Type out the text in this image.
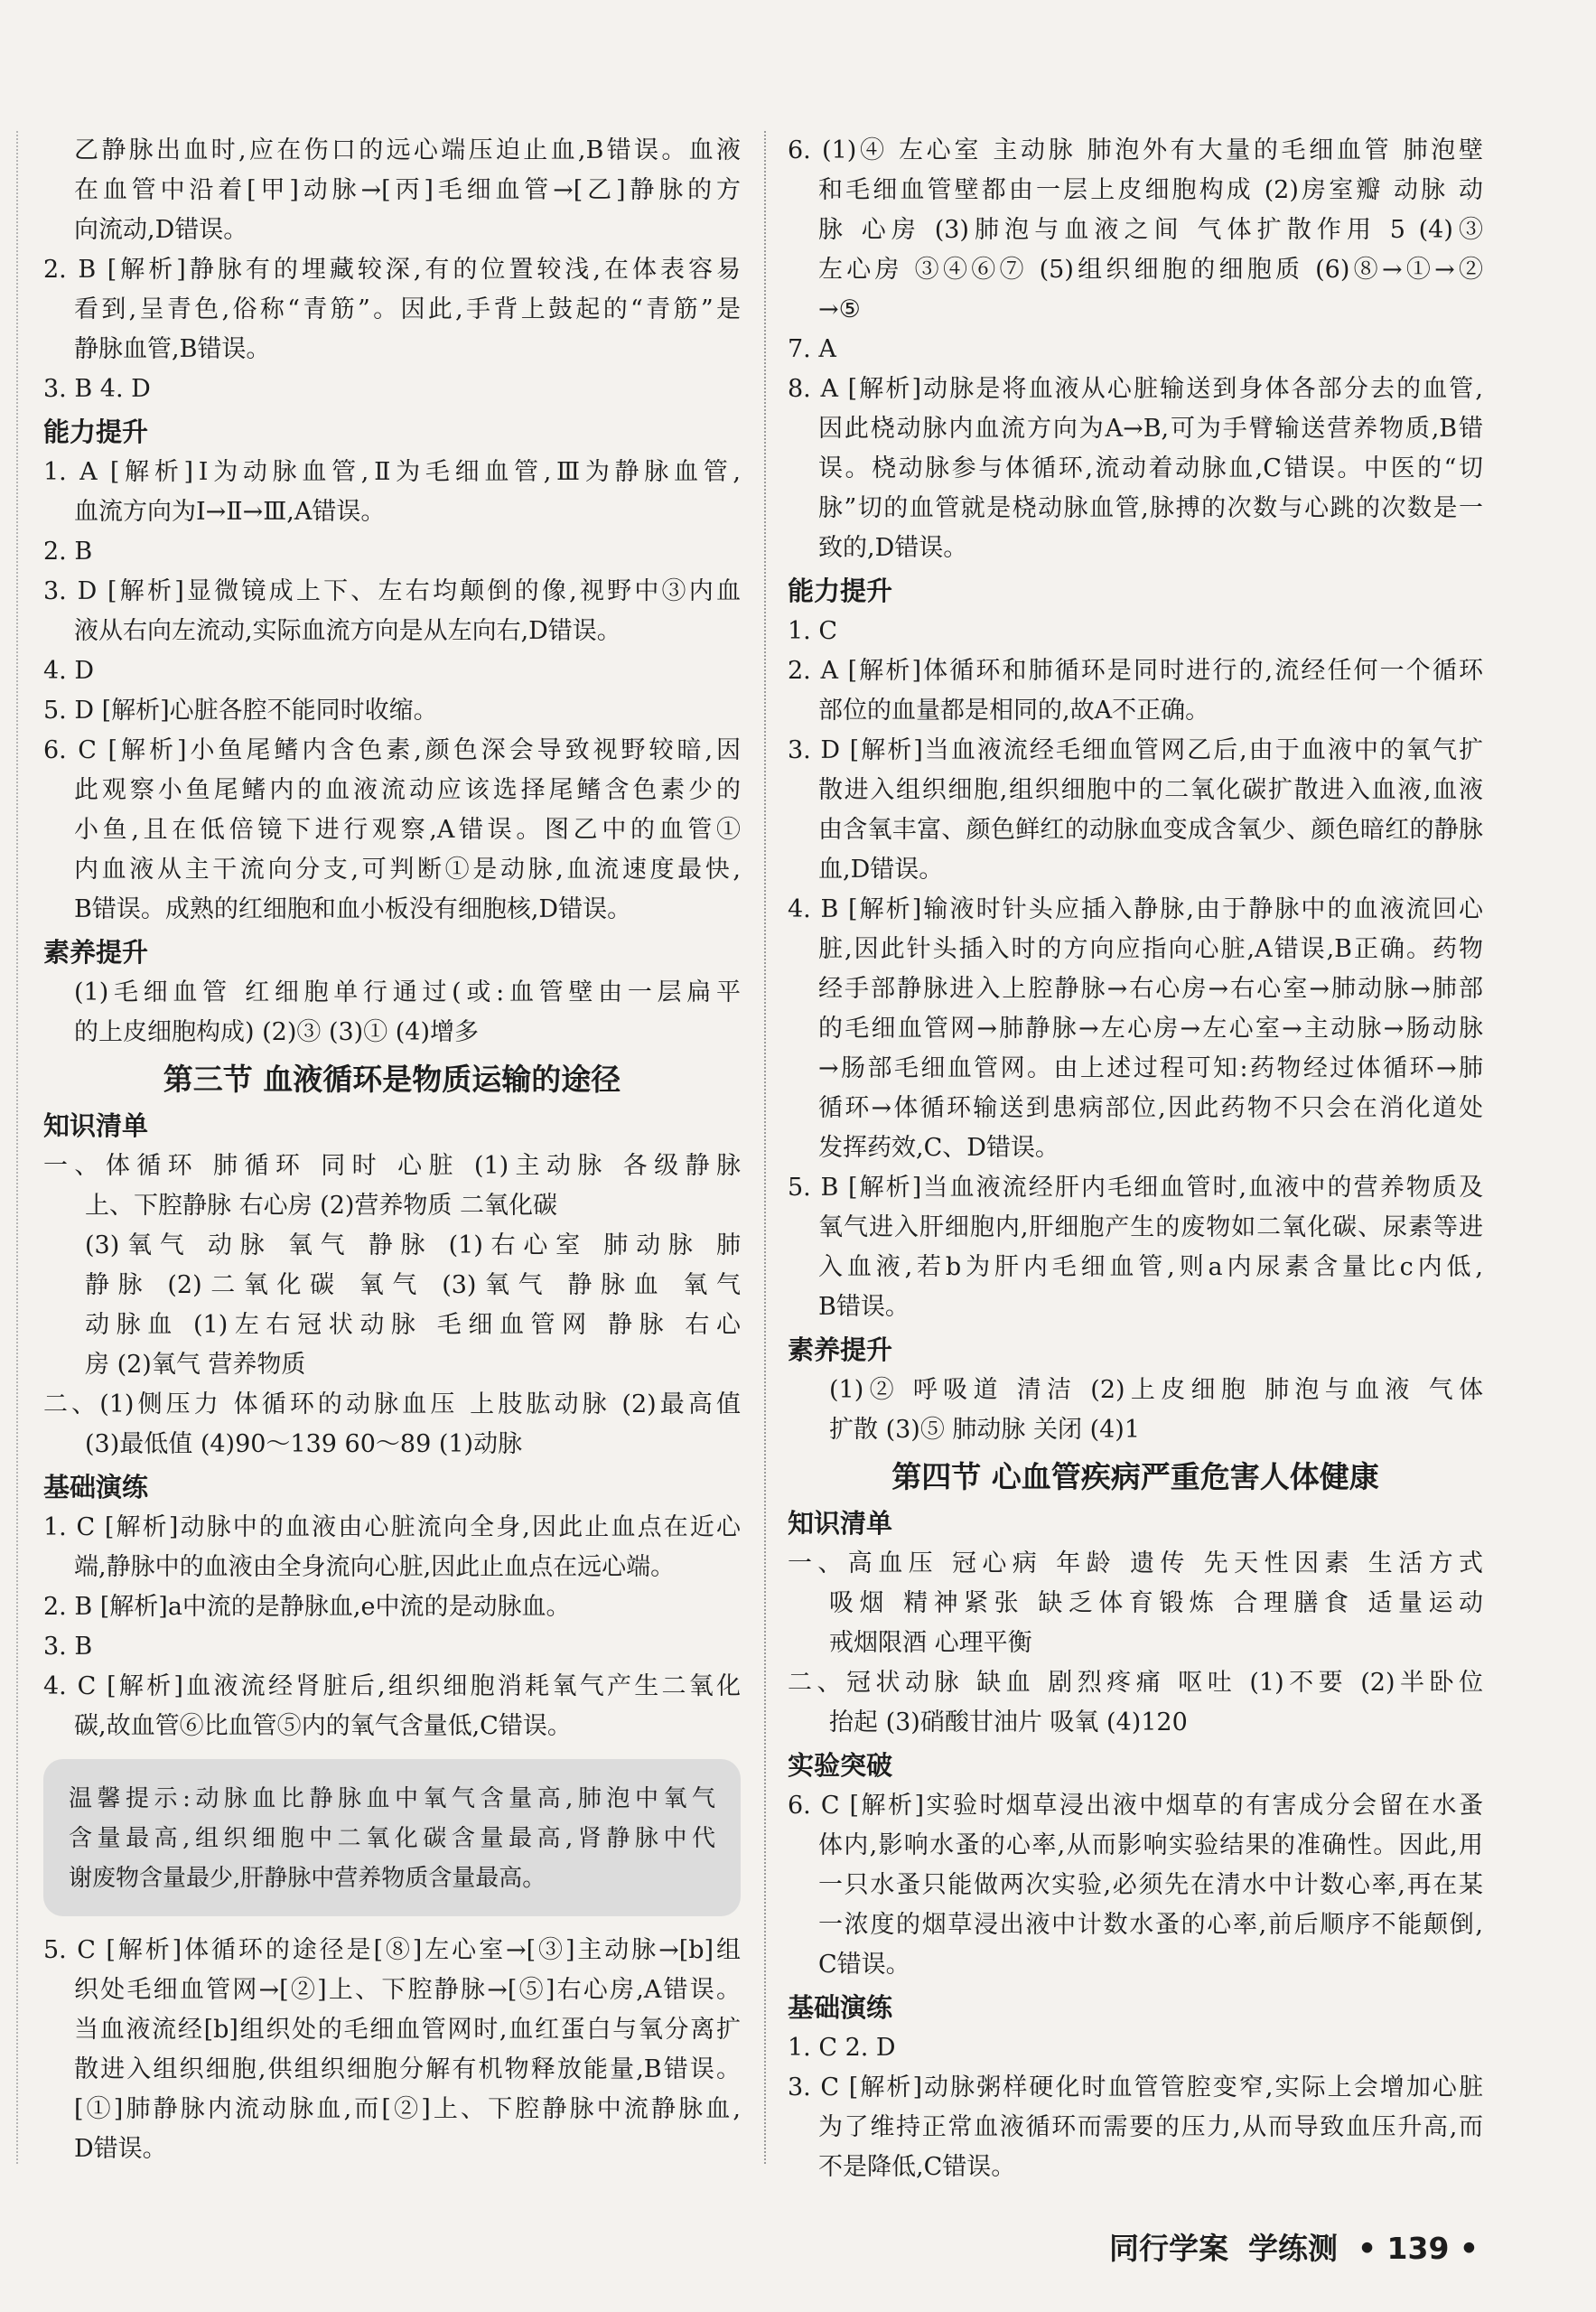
乙静脉出血时,应在伤口的远心端压迫止血,B错误。血液
在血管中沿着[甲]动脉→[丙]毛细血管→[乙]静脉的方
向流动,D错误。
2. B [解析]静脉有的埋藏较深,有的位置较浅,在体表容易
看到,呈青色,俗称“青筋”。因此,手背上鼓起的“青筋”是
静脉血管,B错误。
3. B 4. D
能力提升
1. A [解析]Ⅰ为动脉血管,Ⅱ为毛细血管,Ⅲ为静脉血管,
血流方向为Ⅰ→Ⅱ→Ⅲ,A错误。
2. B
3. D [解析]显微镜成上下、左右均颠倒的像,视野中③内血
液从右向左流动,实际血流方向是从左向右,D错误。
4. D
5. D [解析]心脏各腔不能同时收缩。
6. C [解析]小鱼尾鳍内含色素,颜色深会导致视野较暗,因
此观察小鱼尾鳍内的血液流动应该选择尾鳍含色素少的
小鱼,且在低倍镜下进行观察,A错误。图乙中的血管①
内血液从主干流向分支,可判断①是动脉,血流速度最快,
B错误。成熟的红细胞和血小板没有细胞核,D错误。
素养提升
(1)毛细血管 红细胞单行通过(或:血管壁由一层扁平
的上皮细胞构成) (2)③ (3)① (4)增多
第三节 血液循环是物质运输的途径
知识清单
一、体循环 肺循环 同时 心脏 (1)主动脉 各级静脉
上、下腔静脉 右心房 (2)营养物质 二氧化碳
(3)氧气 动脉 氧气 静脉 (1)右心室 肺动脉 肺
静脉 (2)二氧化碳 氧气 (3)氧气 静脉血 氧气
动脉血 (1)左右冠状动脉 毛细血管网 静脉 右心
房 (2)氧气 营养物质
二、(1)侧压力 体循环的动脉血压 上肢肱动脉 (2)最高值
(3)最低值 (4)90～139 60～89 (1)动脉
基础演练
1. C [解析]动脉中的血液由心脏流向全身,因此止血点在近心
端,静脉中的血液由全身流向心脏,因此止血点在远心端。
2. B [解析]a中流的是静脉血,e中流的是动脉血。
3. B
4. C [解析]血液流经肾脏后,组织细胞消耗氧气产生二氧化
碳,故血管⑥比血管⑤内的氧气含量低,C错误。
温馨提示:动脉血比静脉血中氧气含量高,肺泡中氧气
含量最高,组织细胞中二氧化碳含量最高,肾静脉中代
谢废物含量最少,肝静脉中营养物质含量最高。
5. C [解析]体循环的途径是[⑧]左心室→[③]主动脉→[b]组
织处毛细血管网→[②]上、下腔静脉→[⑤]右心房,A错误。
当血液流经[b]组织处的毛细血管网时,血红蛋白与氧分离扩
散进入组织细胞,供组织细胞分解有机物释放能量,B错误。
[①]肺静脉内流动脉血,而[②]上、下腔静脉中流静脉血,
D错误。
6. (1)④ 左心室 主动脉 肺泡外有大量的毛细血管 肺泡壁
和毛细血管壁都由一层上皮细胞构成 (2)房室瓣 动脉 动
脉 心房 (3)肺泡与血液之间 气体扩散作用 5 (4)③
左心房 ③④⑥⑦ (5)组织细胞的细胞质 (6)⑧→①→②
→⑤
7. A
8. A [解析]动脉是将血液从心脏输送到身体各部分去的血管,
因此桡动脉内血流方向为A→B,可为手臂输送营养物质,B错
误。桡动脉参与体循环,流动着动脉血,C错误。中医的“切
脉”切的血管就是桡动脉血管,脉搏的次数与心跳的次数是一
致的,D错误。
能力提升
1. C
2. A [解析]体循环和肺循环是同时进行的,流经任何一个循环
部位的血量都是相同的,故A不正确。
3. D [解析]当血液流经毛细血管网乙后,由于血液中的氧气扩
散进入组织细胞,组织细胞中的二氧化碳扩散进入血液,血液
由含氧丰富、颜色鲜红的动脉血变成含氧少、颜色暗红的静脉
血,D错误。
4. B [解析]输液时针头应插入静脉,由于静脉中的血液流回心
脏,因此针头插入时的方向应指向心脏,A错误,B正确。药物
经手部静脉进入上腔静脉→右心房→右心室→肺动脉→肺部
的毛细血管网→肺静脉→左心房→左心室→主动脉→肠动脉
→肠部毛细血管网。由上述过程可知:药物经过体循环→肺
循环→体循环输送到患病部位,因此药物不只会在消化道处
发挥药效,C、D错误。
5. B [解析]当血液流经肝内毛细血管时,血液中的营养物质及
氧气进入肝细胞内,肝细胞产生的废物如二氧化碳、尿素等进
入血液,若b为肝内毛细血管,则a内尿素含量比c内低,
B错误。
素养提升
(1)② 呼吸道 清洁 (2)上皮细胞 肺泡与血液 气体
扩散 (3)⑤ 肺动脉 关闭 (4)1
第四节 心血管疾病严重危害人体健康
知识清单
一、高血压 冠心病 年龄 遗传 先天性因素 生活方式
吸烟 精神紧张 缺乏体育锻炼 合理膳食 适量运动
戒烟限酒 心理平衡
二、冠状动脉 缺血 剧烈疼痛 呕吐 (1)不要 (2)半卧位
抬起 (3)硝酸甘油片 吸氧 (4)120
实验突破
6. C [解析]实验时烟草浸出液中烟草的有害成分会留在水蚤
体内,影响水蚤的心率,从而影响实验结果的准确性。因此,用
一只水蚤只能做两次实验,必须先在清水中计数心率,再在某
一浓度的烟草浸出液中计数水蚤的心率,前后顺序不能颠倒,
C错误。
基础演练
1. C 2. D
3. C [解析]动脉粥样硬化时血管管腔变窄,实际上会增加心脏
为了维持正常血液循环而需要的压力,从而导致血压升高,而
不是降低,C错误。
同行学案 学练测 • 139 •
